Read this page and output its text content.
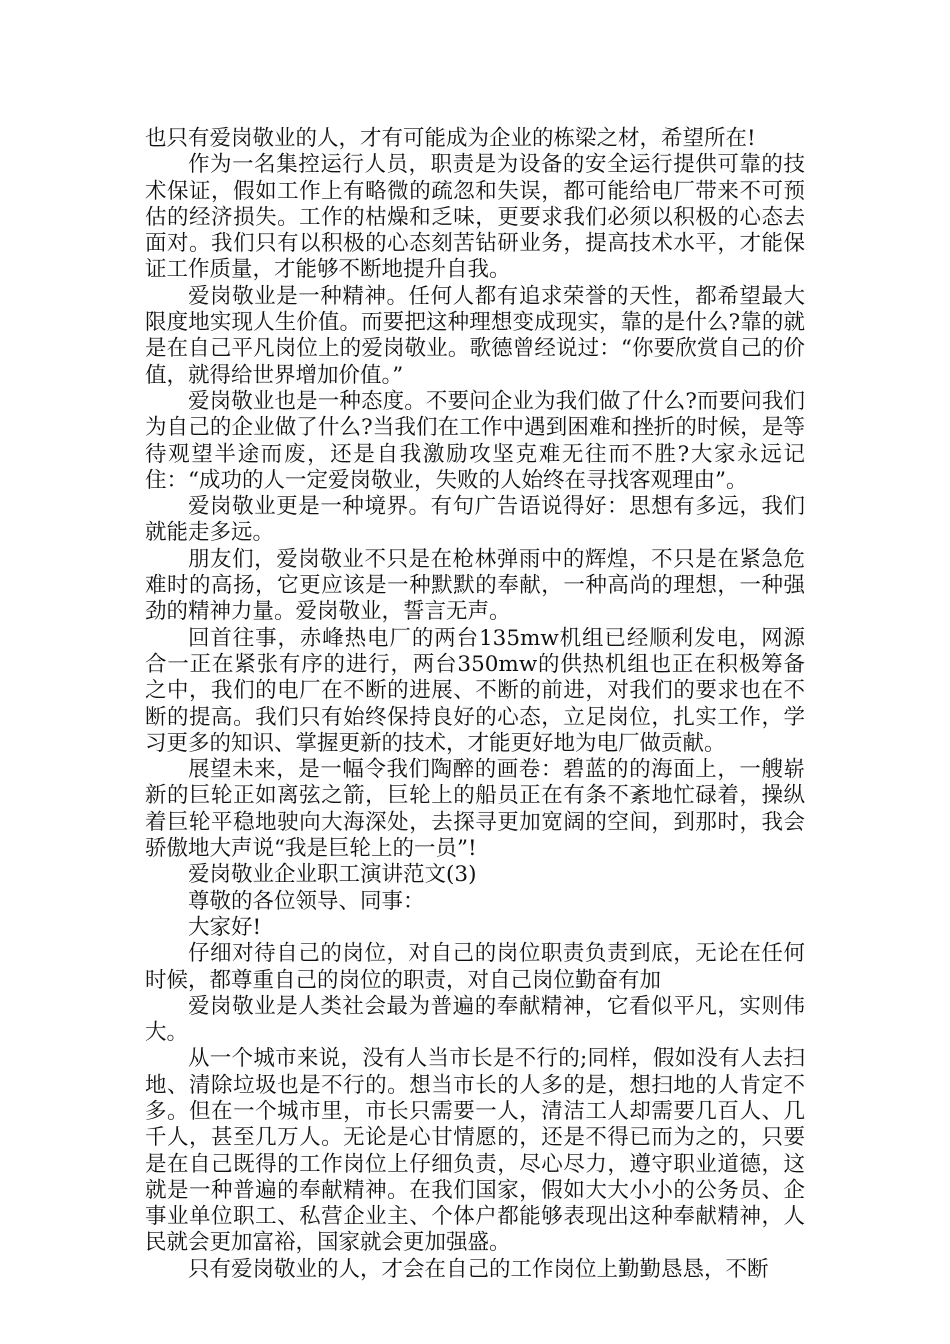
也只有爱岗敬业的人，才有可能成为企业的栋梁之材，希望所在!

作为一名集控运行人员，职责是为设备的安全运行提供可靠的技术保证，假如工作上有略微的疏忽和失误，都可能给电厂带来不可预估的经济损失。工作的枯燥和乏味，更要求我们必须以积极的心态去面对。我们只有以积极的心态刻苦钻研业务，提高技术水平，才能保证工作质量，才能够不断地提升自我。

爱岗敬业是一种精神。任何人都有追求荣誉的天性，都希望最大限度地实现人生价值。而要把这种理想变成现实，靠的是什么?靠的就是在自己平凡岗位上的爱岗敬业。歌德曾经说过：“你要欣赏自己的价值，就得给世界增加价值。”

爱岗敬业也是一种态度。不要问企业为我们做了什么?而要问我们为自己的企业做了什么?当我们在工作中遇到困难和挫折的时候，是等待观望半途而废，还是自我激励攻坚克难无往而不胜?大家永远记住：“成功的人一定爱岗敬业，失败的人始终在寻找客观理由”。

爱岗敬业更是一种境界。有句广告语说得好：思想有多远，我们就能走多远。

朋友们，爱岗敬业不只是在枪林弹雨中的辉煌，不只是在紧急危难时的高扬，它更应该是一种默默的奉献，一种高尚的理想，一种强劲的精神力量。爱岗敬业，誓言无声。

回首往事，赤峰热电厂的两台135mw机组已经顺利发电，网源合一正在紧张有序的进行，两台350mw的供热机组也正在积极筹备之中，我们的电厂在不断的进展、不断的前进，对我们的要求也在不断的提高。我们只有始终保持良好的心态，立足岗位，扎实工作，学习更多的知识、掌握更新的技术，才能更好地为电厂做贡献。

展望未来，是一幅令我们陶醉的画卷：碧蓝的的海面上，一艘崭新的巨轮正如离弦之箭，巨轮上的船员正在有条不紊地忙碌着，操纵着巨轮平稳地驶向大海深处，去探寻更加宽阔的空间，到那时，我会骄傲地大声说“我是巨轮上的一员”!

爱岗敬业企业职工演讲范文(3)

尊敬的各位领导、同事：

大家好!

仔细对待自己的岗位，对自己的岗位职责负责到底，无论在任何时候，都尊重自己的岗位的职责，对自己岗位勤奋有加

爱岗敬业是人类社会最为普遍的奉献精神，它看似平凡，实则伟大。

从一个城市来说，没有人当市长是不行的;同样，假如没有人去扫地、清除垃圾也是不行的。想当市长的人多的是，想扫地的人肯定不多。但在一个城市里，市长只需要一人，清洁工人却需要几百人、几千人，甚至几万人。无论是心甘情愿的，还是不得已而为之的，只要是在自己既得的工作岗位上仔细负责，尽心尽力，遵守职业道德，这就是一种普遍的奉献精神。在我们国家，假如大大小小的公务员、企事业单位职工、私营企业主、个体户都能够表现出这种奉献精神，人民就会更加富裕，国家就会更加强盛。

只有爱岗敬业的人，才会在自己的工作岗位上勤勤恳恳，不断
